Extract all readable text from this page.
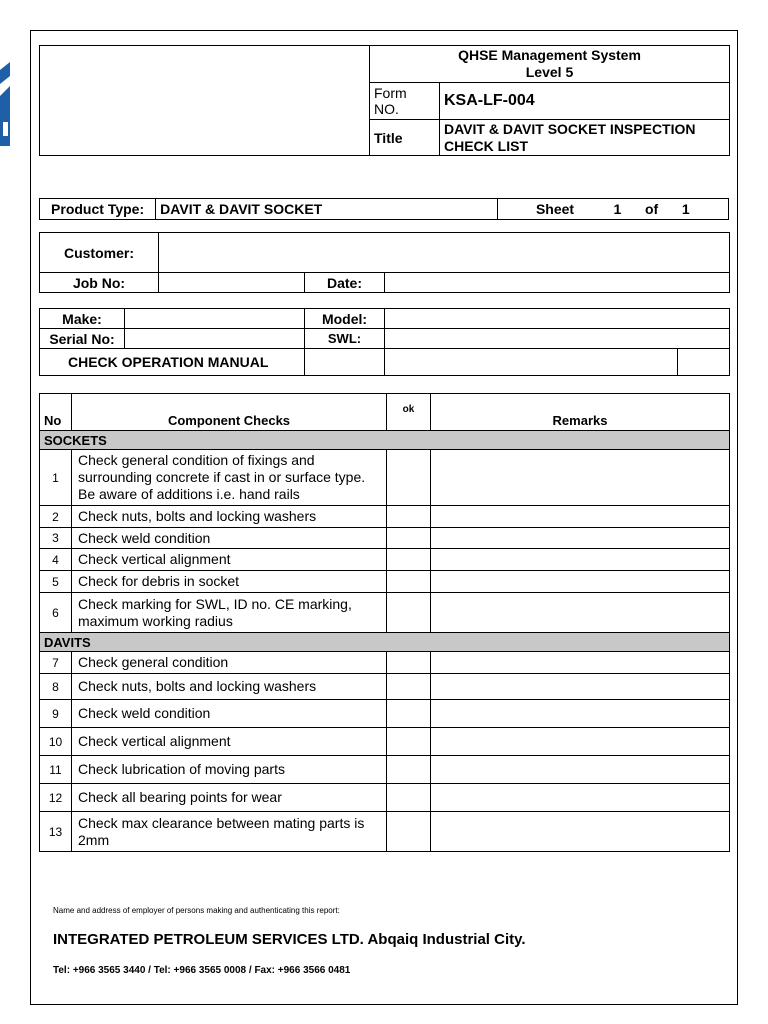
	QHSE Management System
Level 5	

	Form NO.	KSA-LF-004
	Title	DAVIT & DAVIT SOCKET INSPECTION CHECK LIST
Product Type:	DAVIT & DAVIT SOCKET	Sheet	1 of 1
Customer:			
Job No:		Date:	
Make:		Model:		
Serial No:		SWL:		
CHECK OPERATION MANUAL				
No	Component Checks	ok	Remarks
SOCKETS			
1	Check general condition of fixings and surrounding concrete if cast in or surface type. Be aware of additions i.e. hand rails		
2	Check nuts, bolts and locking washers		
3	Check weld condition		
4	Check vertical alignment		
5	Check for debris in socket		
6	Check marking for SWL, ID no. CE marking, maximum working radius		
DAVITS			
7	Check general condition		
8	Check nuts, bolts and locking washers		
9	Check weld condition		
10	Check vertical alignment		
11	Check lubrication of moving parts		
12	Check all bearing points for wear		
13	Check max clearance between mating parts is 2mm		
Name and address of employer of persons making and authenticating this report:
INTEGRATED PETROLEUM SERVICES LTD. Abqaiq Industrial City.
Tel: +966 3565 3440 / Tel: +966 3565 0008 / Fax: +966 3566 0481
